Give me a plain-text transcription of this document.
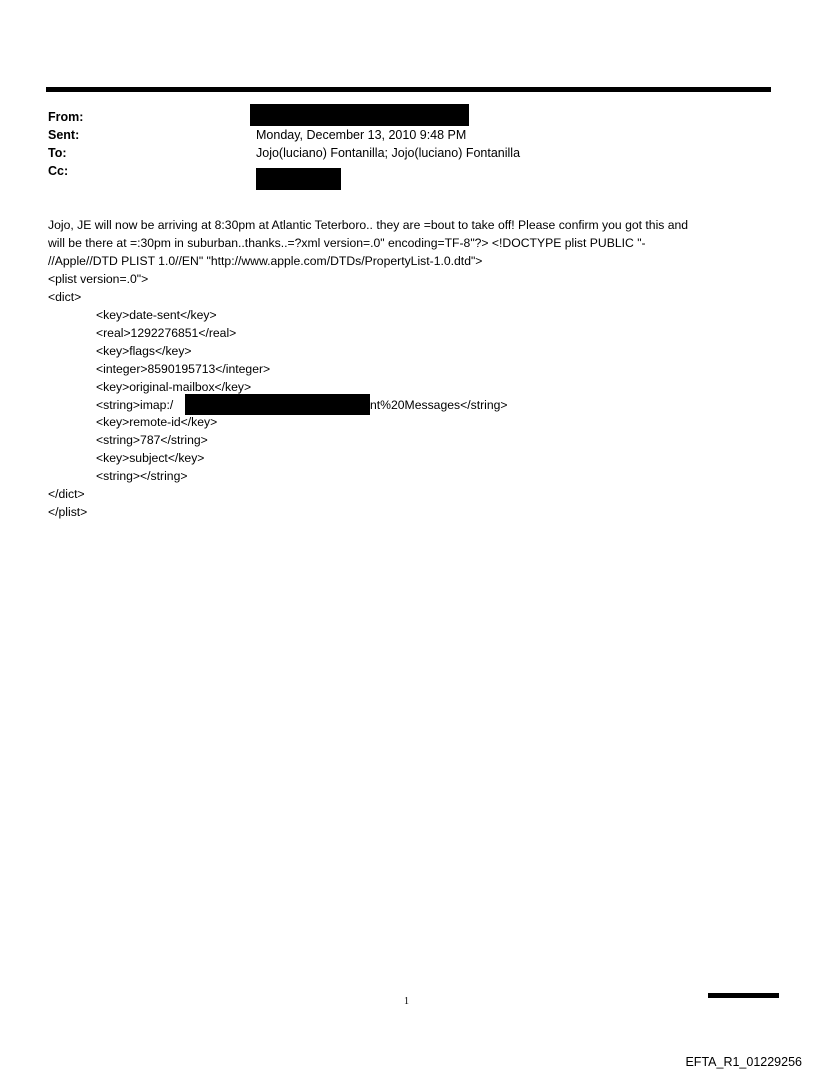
From:
Sent:	Monday, December 13, 2010 9:48 PM
To:	Jojo(luciano) Fontanilla; Jojo(luciano) Fontanilla
Cc:
Jojo, JE will now be arriving at 8:30pm at Atlantic Teterboro.. they are =bout to take off! Please confirm you got this and
will be there at =:30pm in suburban..thanks..=?xml version=.0" encoding=TF-8"?> <!DOCTYPE plist PUBLIC "-
//Apple//DTD PLIST 1.0//EN" "http://www.apple.com/DTDs/PropertyList-1.0.dtd">
<plist version=.0">
<dict>
<key>date-sent</key>
<real>1292276851</real>
<key>flags</key>
<integer>8590195713</integer>
<key>original-mailbox</key>
<string>imap:/	nt%20Messages</string>
<key>remote-id</key>
<string>787</string>
<key>subject</key>
<string></string>
</dict>
</plist>
1
EFTA_R1_01229256
